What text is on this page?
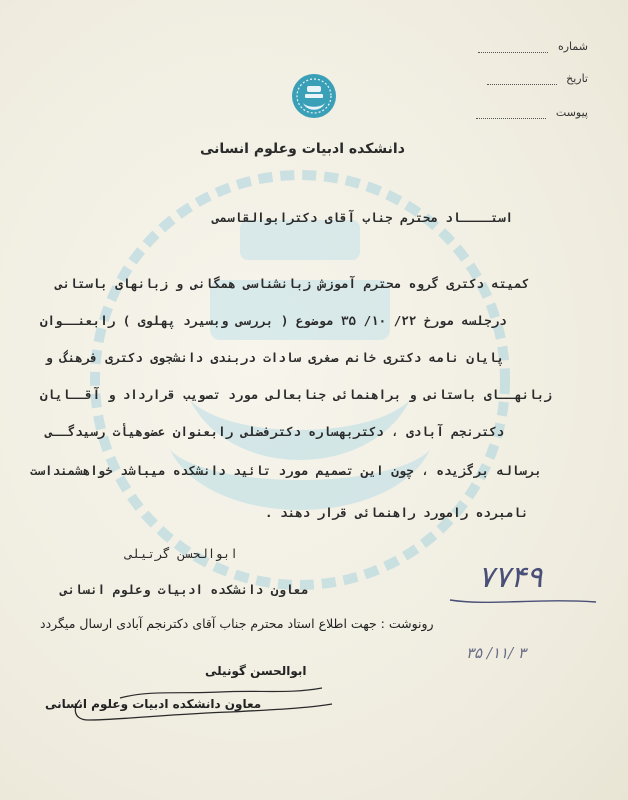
شماره
تاریخ
پیوست
دانشکده ادبیات وعلوم انسانی
استــــاد محترم جناب آقای دکترابوالقاسمی
کمیته دکتری گروه محترم آموزش زبانشناسی همگانی و زبانهای باستانی
درجلسه مورخ ۲۲/ ۱۰/ ۳۵ موضوع ( بررسی وبسیرد پهلوی ) رابعنــوان
پایان نامه دکتری خانم صغری سادات دربندی دانشجوی دکتری فرهنگ و
زبانهــای باستانی و براهنمائی جنابعالی مورد تصویب قرارداد و آقــایان
دکترنجم آبادی ، دکتربهساره دکترفضلی رابعنوان عضوهیأت رسیدگــی
برساله برگزیده ، چون این تصمیم مورد تائید دانشکده میباشد خواهشمنداست
نامبرده رامورد راهنمائی قرار دهند .
ابوالحسن گرتیلی
معاون دانشکده ادبیات وعلوم انسانی	۷۷۴۹
رونوشت : جهت اطلاع استاد محترم جناب آقای دکترنجم آبادی ارسال میگردد
۳ /۱۱/ ۳۵
ابوالحسن گونیلی
معاون دانشکده ادبیات وعلوم انسانی
